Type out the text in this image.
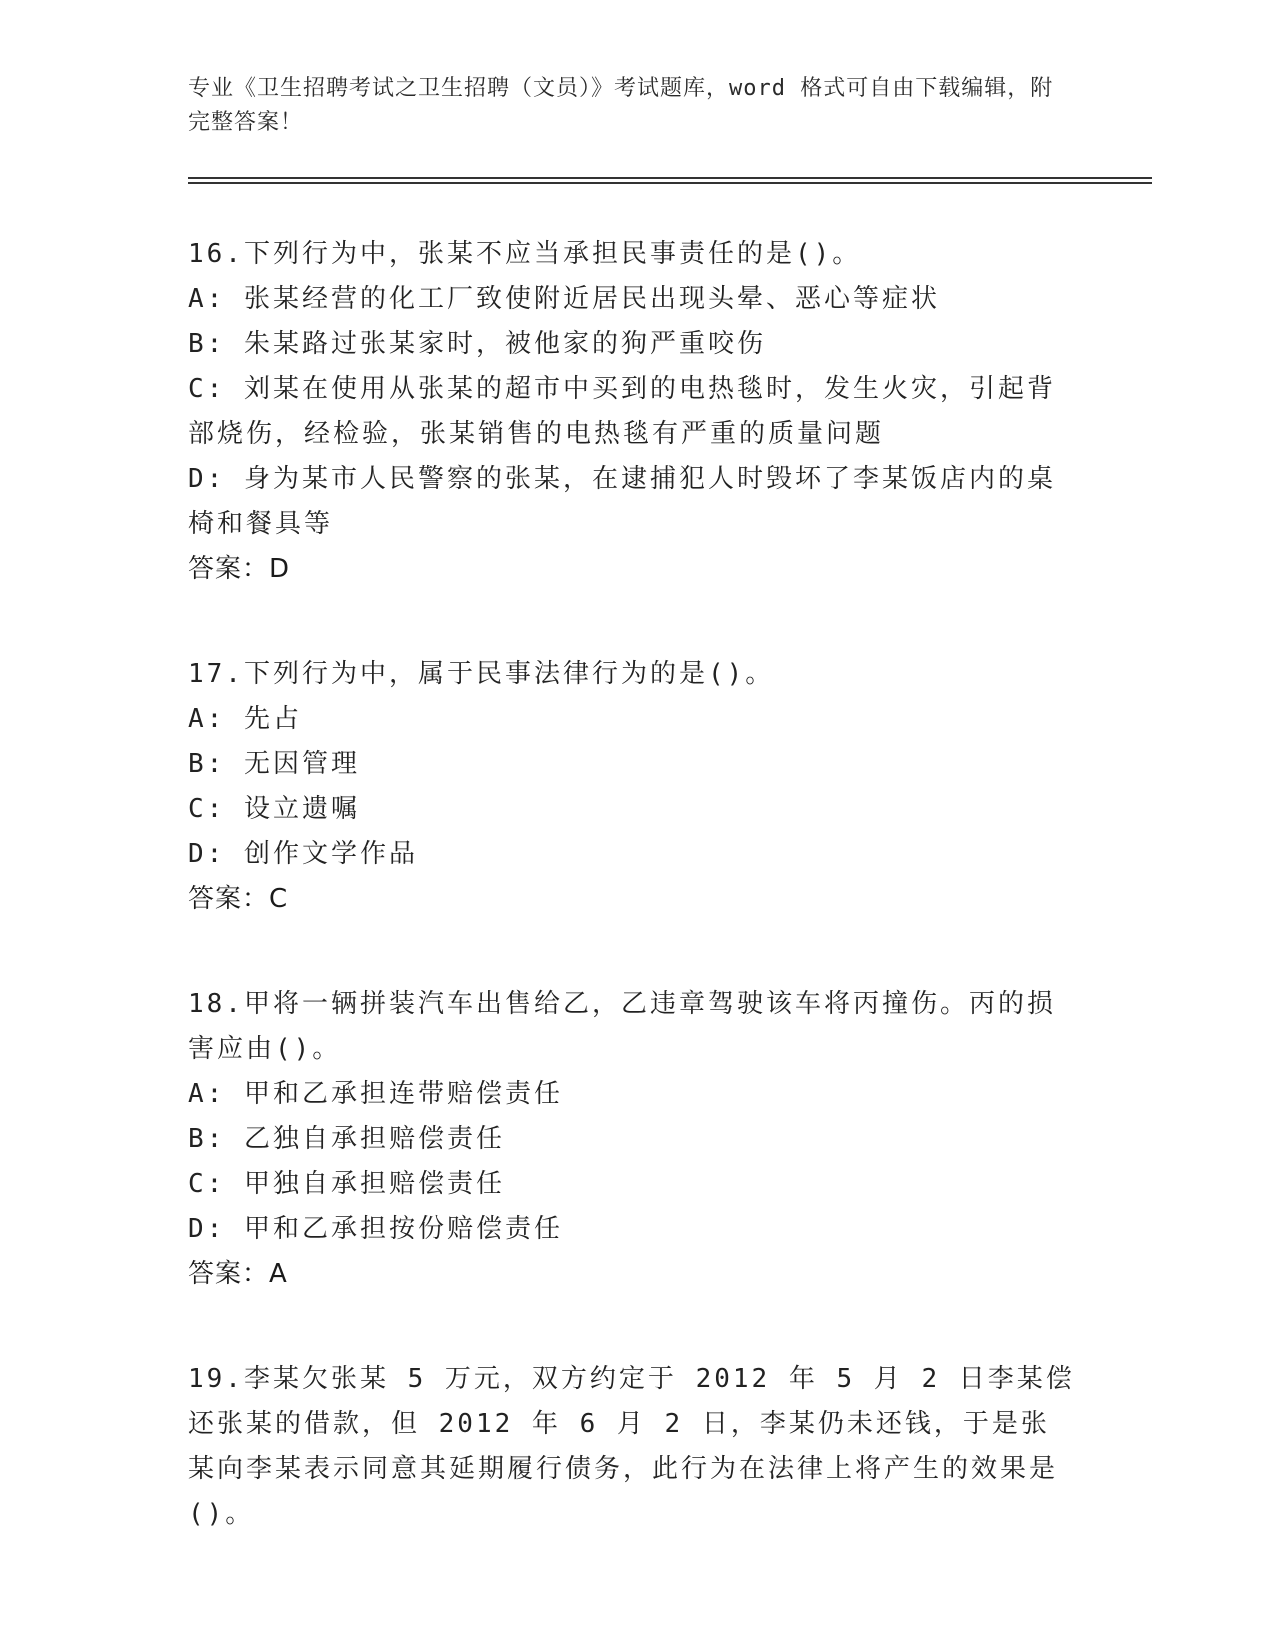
专业《卫生招聘考试之卫生招聘（文员）》考试题库，word 格式可自由下载编辑，附完整答案！

16.下列行为中，张某不应当承担民事责任的是()。

A: 张某经营的化工厂致使附近居民出现头晕、恶心等症状

B: 朱某路过张某家时，被他家的狗严重咬伤

C: 刘某在使用从张某的超市中买到的电热毯时，发生火灾，引起背部烧伤，经检验，张某销售的电热毯有严重的质量问题

D: 身为某市人民警察的张某，在逮捕犯人时毁坏了李某饭店内的桌椅和餐具等

答案：D

17.下列行为中，属于民事法律行为的是()。

A: 先占

B: 无因管理

C: 设立遗嘱

D: 创作文学作品

答案：C

18.甲将一辆拼装汽车出售给乙，乙违章驾驶该车将丙撞伤。丙的损害应由()。

A: 甲和乙承担连带赔偿责任

B: 乙独自承担赔偿责任

C: 甲独自承担赔偿责任

D: 甲和乙承担按份赔偿责任

答案：A

19.李某欠张某 5 万元，双方约定于 2012 年 5 月 2 日李某偿还张某的借款，但 2012 年 6 月 2 日，李某仍未还钱，于是张某向李某表示同意其延期履行债务，此行为在法律上将产生的效果是()。
